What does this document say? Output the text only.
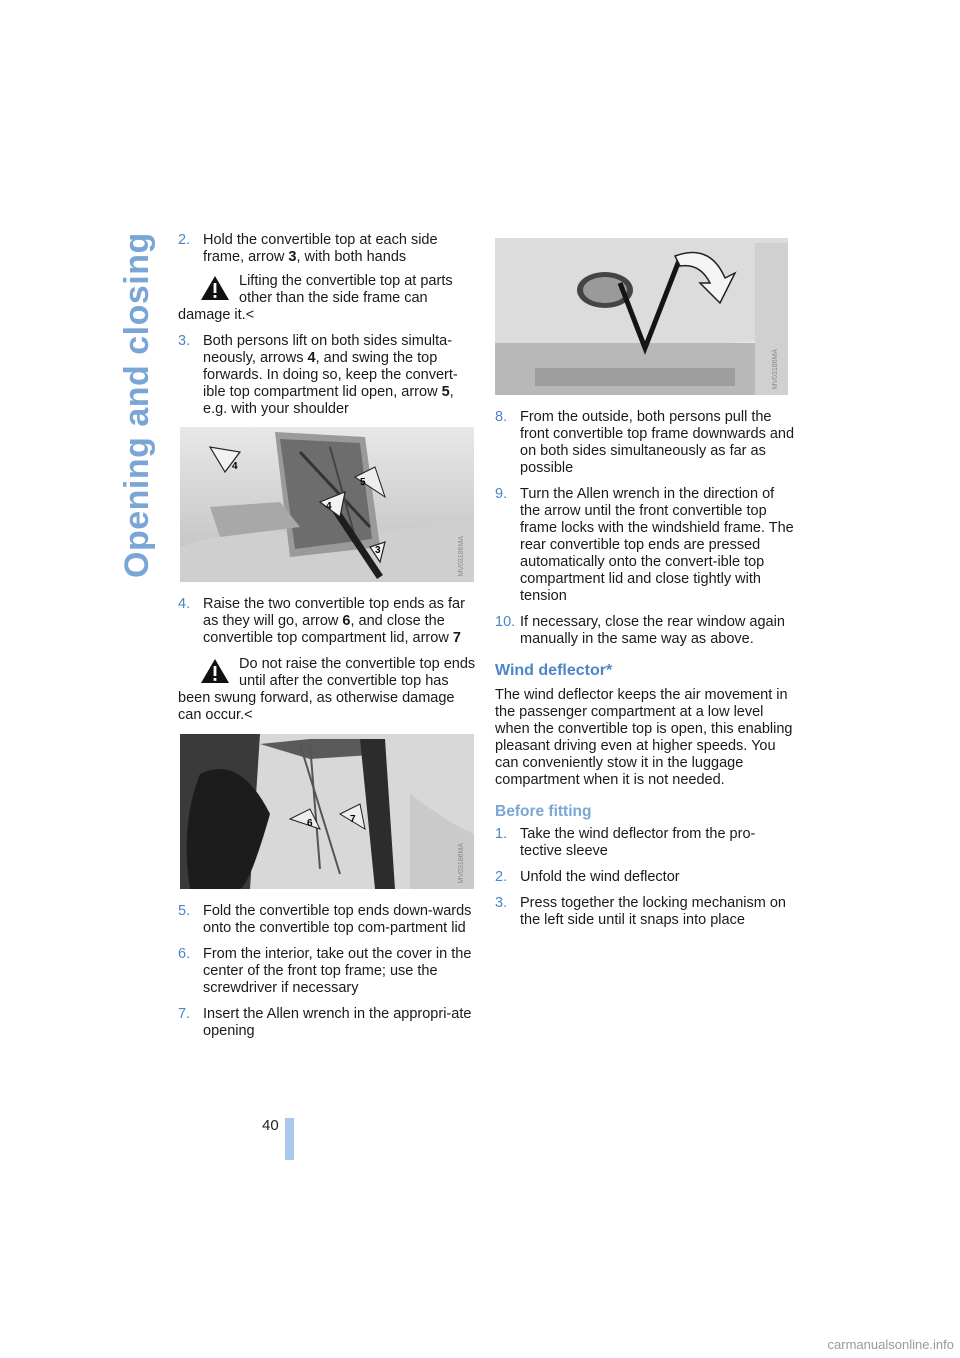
Opening and closing
40
2. Hold the convertible top at each side frame, arrow 3, with both hands
Lifting the convertible top at parts other than the side frame can damage it.<
3. Both persons lift on both sides simulta-neously, arrows 4, and swing the top forwards. In doing so, keep the convert-ible top compartment lid open, arrow 5, e.g. with your shoulder
4
5
4
3	MV03186MA
4. Raise the two convertible top ends as far as they will go, arrow 6, and close the convertible top compartment lid, arrow 7
Do not raise the convertible top ends until after the convertible top has been swung forward, as otherwise damage can occur.<
6	7
MV03186MA
5. Fold the convertible top ends down-wards onto the convertible top com-partment lid
6. From the interior, take out the cover in the center of the front top frame; use the screwdriver if necessary
7. Insert the Allen wrench in the appropri-ate opening
MV03186MA
8. From the outside, both persons pull the front convertible top frame downwards and on both sides simultaneously as far as possible
9. Turn the Allen wrench in the direction of the arrow until the front convertible top frame locks with the windshield frame. The rear convertible top ends are pressed automatically onto the convert-ible top compartment lid and close tightly with tension
10. If necessary, close the rear window again manually in the same way as above.
Wind deflector*

The wind deflector keeps the air movement in the passenger compartment at a low level when the convertible top is open, this enabling pleasant driving even at higher speeds. You can conveniently stow it in the luggage compartment when it is not needed.

Before fitting
1. Take the wind deflector from the pro-tective sleeve
2. Unfold the wind deflector
3. Press together the locking mechanism on the left side until it snaps into place
carmanualsonline.info
